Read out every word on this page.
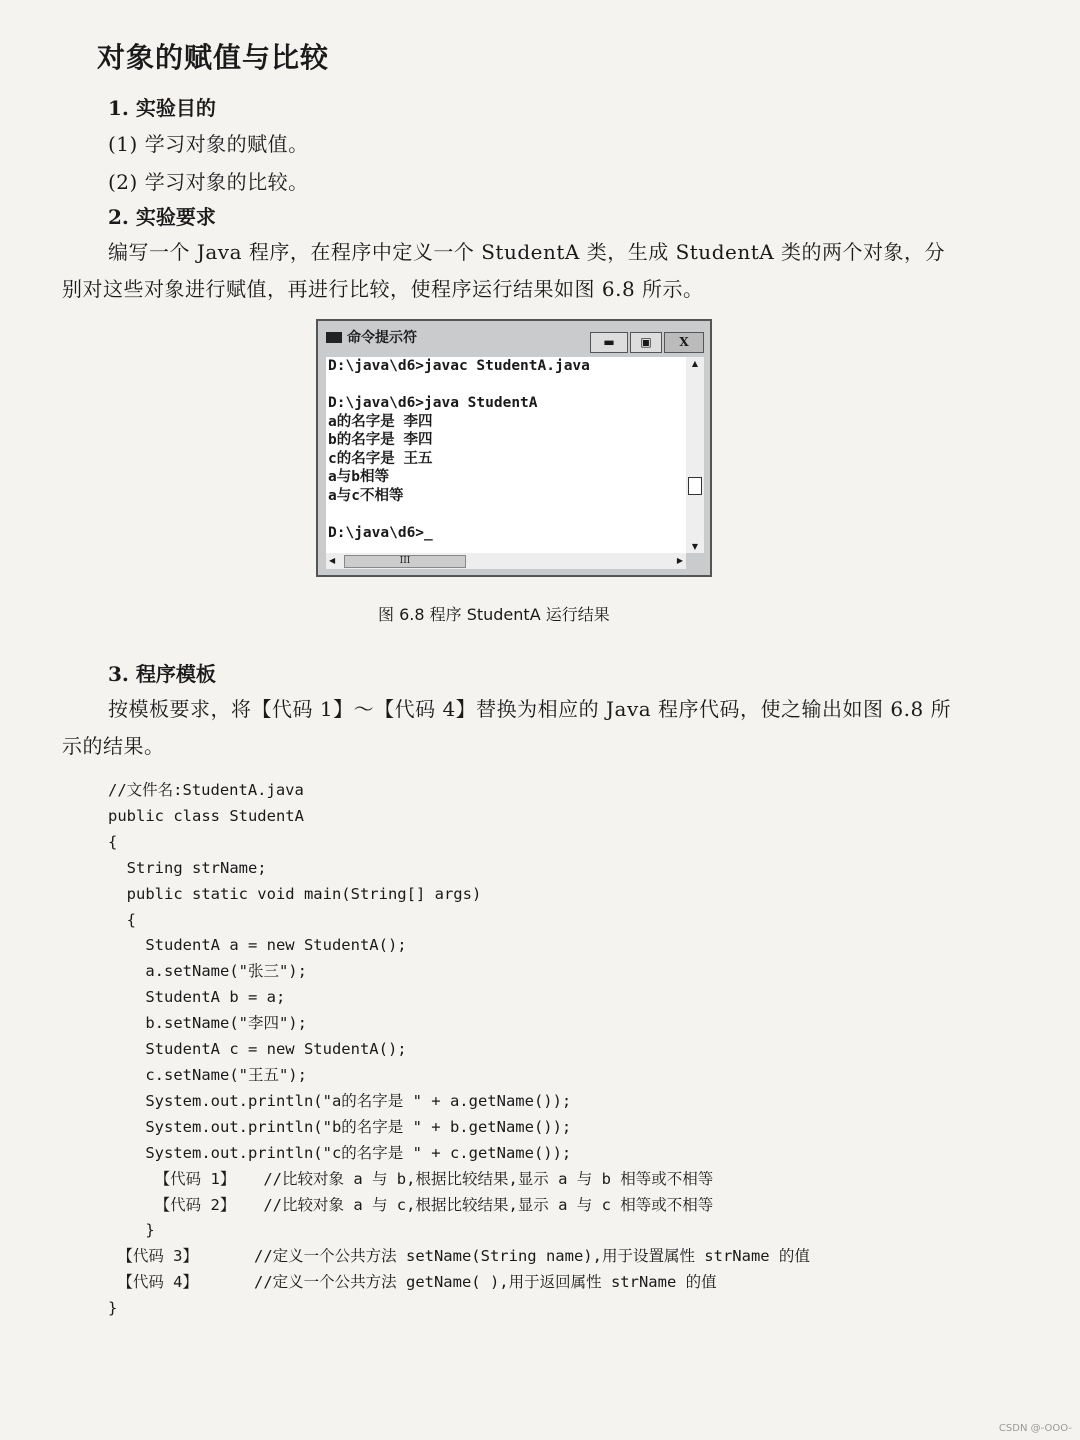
对象的赋值与比较
1. 实验目的
(1) 学习对象的赋值。
(2) 学习对象的比较。
2. 实验要求
编写一个 Java 程序，在程序中定义一个 StudentA 类，生成 StudentA 类的两个对象，分
别对这些对象进行赋值，再进行比较，使程序运行结果如图 6.8 所示。
命令提示符	▬	▣	X
D:\java\d6>javac StudentA.java

D:\java\d6>java StudentA
a的名字是 李四
b的名字是 李四
c的名字是 王五
a与b相等
a与c不相等

D:\java\d6>_
▲
▼
◀	III	▶
图 6.8 程序 StudentA 运行结果
3. 程序模板
按模板要求，将【代码 1】～【代码 4】替换为相应的 Java 程序代码，使之输出如图 6.8 所
示的结果。
//文件名:StudentA.java
public class StudentA
{
String strName;
public static void main(String[] args)
{
StudentA a = new StudentA();
a.setName("张三");
StudentA b = a;
b.setName("李四");
StudentA c = new StudentA();
c.setName("王五");
System.out.println("a的名字是 " + a.getName());
System.out.println("b的名字是 " + b.getName());
System.out.println("c的名字是 " + c.getName());
【代码 1】   //比较对象 a 与 b,根据比较结果,显示 a 与 b 相等或不相等
【代码 2】   //比较对象 a 与 c,根据比较结果,显示 a 与 c 相等或不相等
}
【代码 3】      //定义一个公共方法 setName(String name),用于设置属性 strName 的值
【代码 4】      //定义一个公共方法 getName( ),用于返回属性 strName 的值
}
CSDN @-OOO-
